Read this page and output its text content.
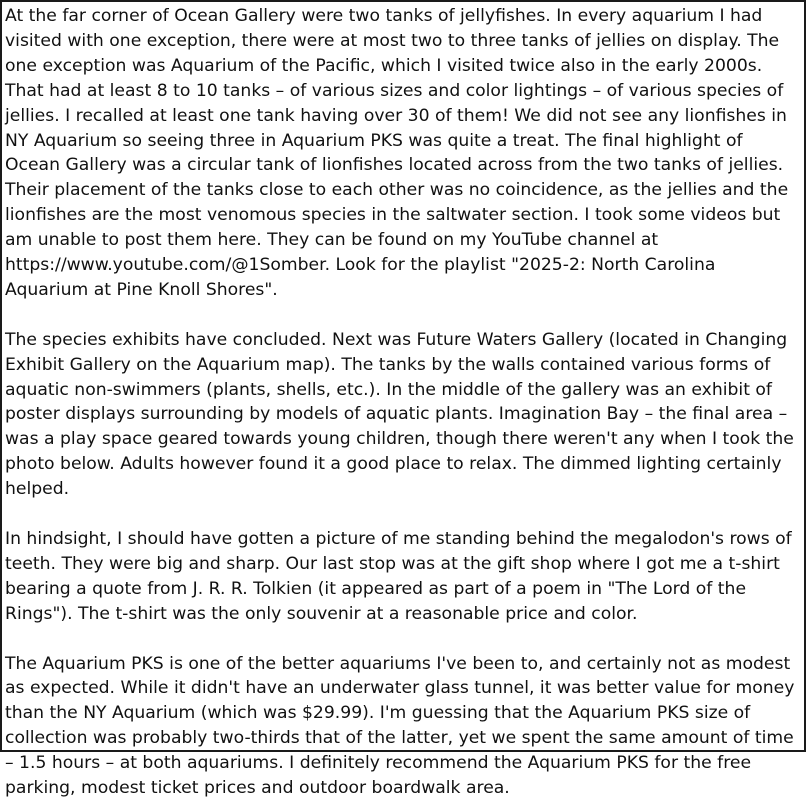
At the far corner of Ocean Gallery were two tanks of jellyfishes. In every aquarium I had visited with one exception, there were at most two to three tanks of jellies on display. The one exception was Aquarium of the Pacific, which I visited twice also in the early 2000s. That had at least 8 to 10 tanks – of various sizes and color lightings – of various species of jellies. I recalled at least one tank having over 30 of them! We did not see any lionfishes in NY Aquarium so seeing three in Aquarium PKS was quite a treat. The final highlight of Ocean Gallery was a circular tank of lionfishes located across from the two tanks of jellies. Their placement of the tanks close to each other was no coincidence, as the jellies and the lionfishes are the most venomous species in the saltwater section. I took some videos but am unable to post them here. They can be found on my YouTube channel at https://www.youtube.com/@1Somber. Look for the playlist "2025-2: North Carolina Aquarium at Pine Knoll Shores".

The species exhibits have concluded. Next was Future Waters Gallery (located in Changing Exhibit Gallery on the Aquarium map). The tanks by the walls contained various forms of aquatic non-swimmers (plants, shells, etc.). In the middle of the gallery was an exhibit of poster displays surrounding by models of aquatic plants. Imagination Bay – the final area –was a play space geared towards young children, though there weren't any when I took the photo below. Adults however found it a good place to relax. The dimmed lighting certainly helped.

In hindsight, I should have gotten a picture of me standing behind the megalodon's rows of teeth. They were big and sharp. Our last stop was at the gift shop where I got me a t-shirt bearing a quote from J. R. R. Tolkien (it appeared as part of a poem in "The Lord of the Rings"). The t-shirt was the only souvenir at a reasonable price and color.

The Aquarium PKS is one of the better aquariums I've been to, and certainly not as modest as expected. While it didn't have an underwater glass tunnel, it was better value for money than the NY Aquarium (which was $29.99). I'm guessing that the Aquarium PKS size of collection was probably two-thirds that of the latter, yet we spent the same amount of time – 1.5 hours – at both aquariums. I definitely recommend the Aquarium PKS for the free parking, modest ticket prices and outdoor boardwalk area.
